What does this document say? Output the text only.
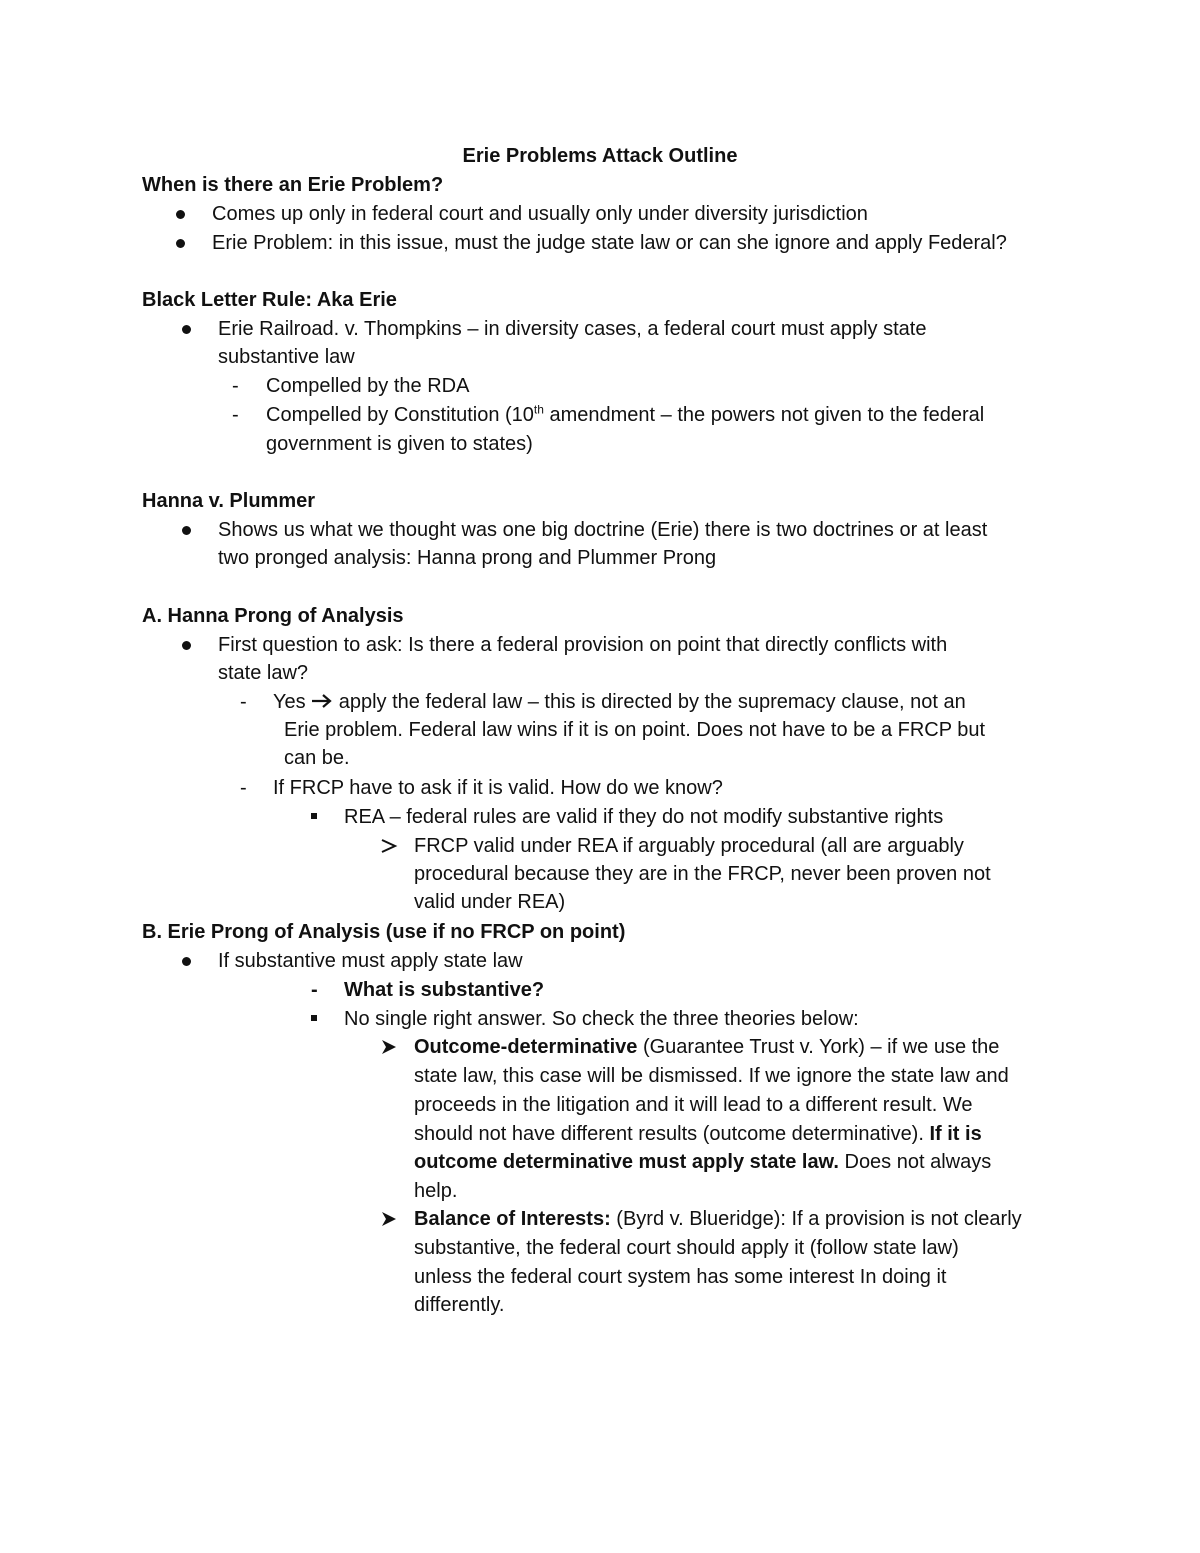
Erie Problems Attack Outline
When is there an Erie Problem?
Comes up only in federal court and usually only under diversity jurisdiction
Erie Problem: in this issue, must the judge state law or can she ignore and apply Federal?
Black Letter Rule: Aka Erie
Erie Railroad. v. Thompkins – in diversity cases, a federal court must apply state
substantive law
- Compelled by the RDA
- Compelled by Constitution (10th amendment – the powers not given to the federal
government is given to states)
Hanna v. Plummer
Shows us what we thought was one big doctrine (Erie) there is two doctrines or at least
two pronged analysis: Hanna prong and Plummer Prong
A. Hanna Prong of Analysis
First question to ask: Is there a federal provision on point that directly conflicts with
state law?
- Yes  apply the federal law – this is directed by the supremacy clause, not an
Erie problem. Federal law wins if it is on point. Does not have to be a FRCP but
can be.
- If FRCP have to ask if it is valid. How do we know?
REA – federal rules are valid if they do not modify substantive rights
FRCP valid under REA if arguably procedural (all are arguably
procedural because they are in the FRCP, never been proven not
valid under REA)
B. Erie Prong of Analysis (use if no FRCP on point)
If substantive must apply state law
- What is substantive?
No single right answer. So check the three theories below:
Outcome-determinative (Guarantee Trust v. York) – if we use the
state law, this case will be dismissed. If we ignore the state law and
proceeds in the litigation and it will lead to a different result. We
should not have different results (outcome determinative). If it is
outcome determinative must apply state law. Does not always
help.
Balance of Interests: (Byrd v. Blueridge): If a provision is not clearly
substantive, the federal court should apply it (follow state law)
unless the federal court system has some interest In doing it
differently.
